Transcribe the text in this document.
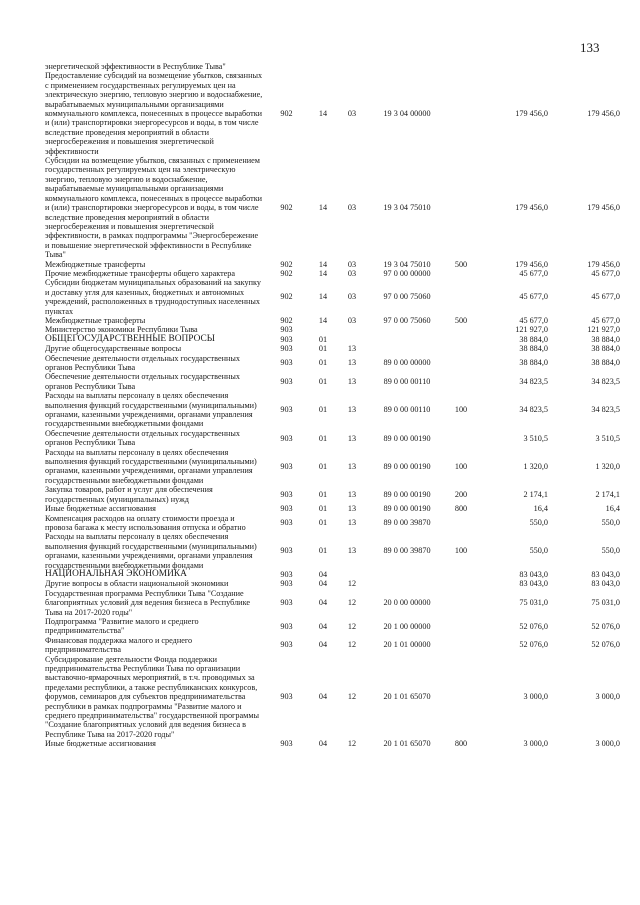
133
энергетической эффективности в Республике Тыва"							
Предоставление субсидий на возмещение убытков, связанных с применением государственных регулируемых цен на электрическую энергию, тепловую энергию и водоснабжение, вырабатываемых муниципальными организациями коммунального комплекса, понесенных в процессе выработки и (или) транспортировки энергоресурсов и воды, в том числе вследствие проведения мероприятий в области энергосбережения и повышения энергетической эффективности	902	14	03	19 3 04 00000		179 456,0	179 456,0
Субсидии на возмещение убытков, связанных с применением государственных регулируемых цен на электрическую энергию, тепловую энергию и водоснабжение, вырабатываемые муниципальными организациями коммунального комплекса, понесенных в процессе выработки и (или) транспортировки энергоресурсов и воды, в том числе вследствие проведения мероприятий в области энергосбережения и повышения энергетической эффективности, в рамках подпрограммы "Энергосбережение и повышение энергетической эффективности в Республике Тыва"	902	14	03	19 3 04 75010		179 456,0	179 456,0
Межбюджетные трансферты	902	14	03	19 3 04 75010	500	179 456,0	179 456,0
Прочие межбюджетные трансферты общего характера	902	14	03	97 0 00 00000		45 677,0	45 677,0
Субсидии бюджетам муниципальных образований на закупку и доставку угля для казенных, бюджетных и автономных учреждений, расположенных в труднодоступных населенных пунктах	902	14	03	97 0 00 75060		45 677,0	45 677,0
Межбюджетные трансферты	902	14	03	97 0 00 75060	500	45 677,0	45 677,0
Министерство экономики Республики Тыва	903					121 927,0	121 927,0
ОБЩЕГОСУДАРСТВЕННЫЕ ВОПРОСЫ	903	01				38 884,0	38 884,0
Другие общегосударственные вопросы	903	01	13			38 884,0	38 884,0
Обеспечение деятельности отдельных государственных органов Республики Тыва	903	01	13	89 0 00 00000		38 884,0	38 884,0
Обеспечение деятельности отдельных государственных органов Республики Тыва	903	01	13	89 0 00 00110		34 823,5	34 823,5
Расходы на выплаты персоналу в целях обеспечения выполнения функций государственными (муниципальными) органами, казенными учреждениями, органами управления государственными внебюджетными фондами	903	01	13	89 0 00 00110	100	34 823,5	34 823,5
Обеспечение деятельности отдельных государственных органов Республики Тыва	903	01	13	89 0 00 00190		3 510,5	3 510,5
Расходы на выплаты персоналу в целях обеспечения выполнения функций государственными (муниципальными) органами, казенными учреждениями, органами управления государственными внебюджетными фондами	903	01	13	89 0 00 00190	100	1 320,0	1 320,0
Закупка товаров, работ и услуг для обеспечения государственных (муниципальных) нужд	903	01	13	89 0 00 00190	200	2 174,1	2 174,1
Иные бюджетные ассигнования	903	01	13	89 0 00 00190	800	16,4	16,4
Компенсация расходов на оплату стоимости проезда и провоза багажа к месту использования отпуска и обратно	903	01	13	89 0 00 39870		550,0	550,0
Расходы на выплаты персоналу в целях обеспечения выполнения функций государственными (муниципальными) органами, казенными учреждениями, органами управления государственными внебюджетными фондами	903	01	13	89 0 00 39870	100	550,0	550,0
НАЦИОНАЛЬНАЯ ЭКОНОМИКА	903	04				83 043,0	83 043,0
Другие вопросы в области национальной экономики	903	04	12			83 043,0	83 043,0
Государственная программа Республики Тыва "Создание благоприятных условий для ведения бизнеса в Республике Тыва на 2017-2020 годы"	903	04	12	20 0 00 00000		75 031,0	75 031,0
Подпрограмма "Развитие малого и среднего предпринимательства"	903	04	12	20 1 00 00000		52 076,0	52 076,0
Финансовая поддержка малого и среднего предпринимательства	903	04	12	20 1 01 00000		52 076,0	52 076,0
Субсидирование деятельности Фонда поддержки предпринимательства Республики Тыва по организации выставочно-ярмарочных мероприятий, в т.ч. проводимых за пределами республики, а также республиканских конкурсов, форумов, семинаров для субъектов предпринимательства республики в рамках подпрограммы "Развитие малого и среднего предпринимательства" государственной программы "Создание благоприятных условий для ведения бизнеса в Республике Тыва на 2017-2020 годы"	903	04	12	20 1 01 65070		3 000,0	3 000,0
Иные бюджетные ассигнования	903	04	12	20 1 01 65070	800	3 000,0	3 000,0
